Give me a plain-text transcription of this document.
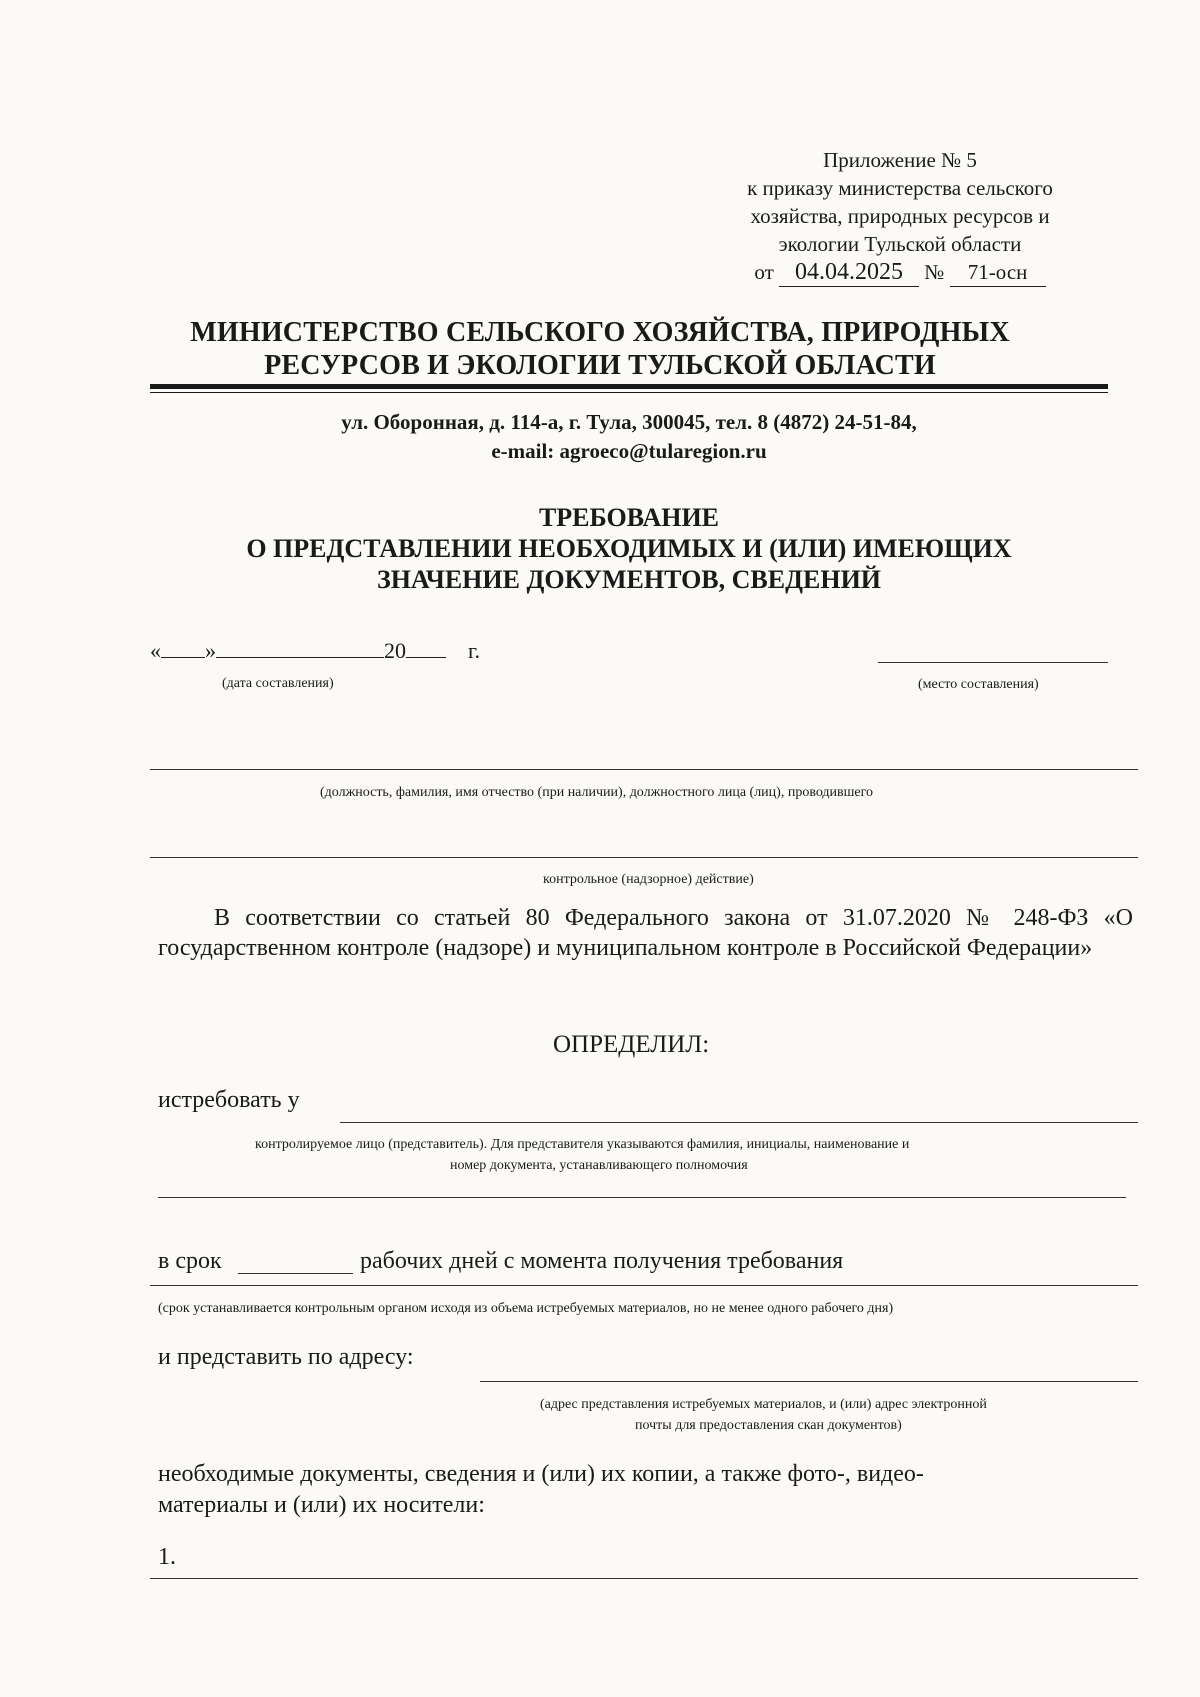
Приложение № 5
к приказу министерства сельского
хозяйства, природных ресурсов и
экологии Тульской области
от 04.04.2025 № 71-осн
МИНИСТЕРСТВО СЕЛЬСКОГО ХОЗЯЙСТВА, ПРИРОДНЫХ
РЕСУРСОВ И ЭКОЛОГИИ ТУЛЬСКОЙ ОБЛАСТИ
ул. Оборонная, д. 114-а, г. Тула, 300045, тел. 8 (4872) 24-51-84,
e-mail: agroeco@tularegion.ru
ТРЕБОВАНИЕ
О ПРЕДСТАВЛЕНИИ НЕОБХОДИМЫХ И (ИЛИ) ИМЕЮЩИХ
ЗНАЧЕНИЕ ДОКУМЕНТОВ, СВЕДЕНИЙ
« »	20	г.
(дата составления)	(место составления)
(должность, фамилия, имя отчество (при наличии), должностного лица (лиц), проводившего
контрольное (надзорное) действие)
В соответствии со статьей 80 Федерального закона от 31.07.2020 № 248-ФЗ «О государственном контроле (надзоре) и муниципальном контроле в Российской Федерации»
ОПРЕДЕЛИЛ:
истребовать у
контролируемое лицо (представитель). Для представителя указываются фамилия, инициалы, наименование и
номер документа, устанавливающего полномочия
в срок	рабочих дней с момента получения требования
(срок устанавливается контрольным органом исходя из объема истребуемых материалов, но не менее одного рабочего дня)
и представить по адресу:
(адрес представления истребуемых материалов, и (или) адрес электронной
почты для предоставления скан документов)
необходимые документы, сведения и (или) их копии, а также фото-, видео-
материалы и (или) их носители:
1.
